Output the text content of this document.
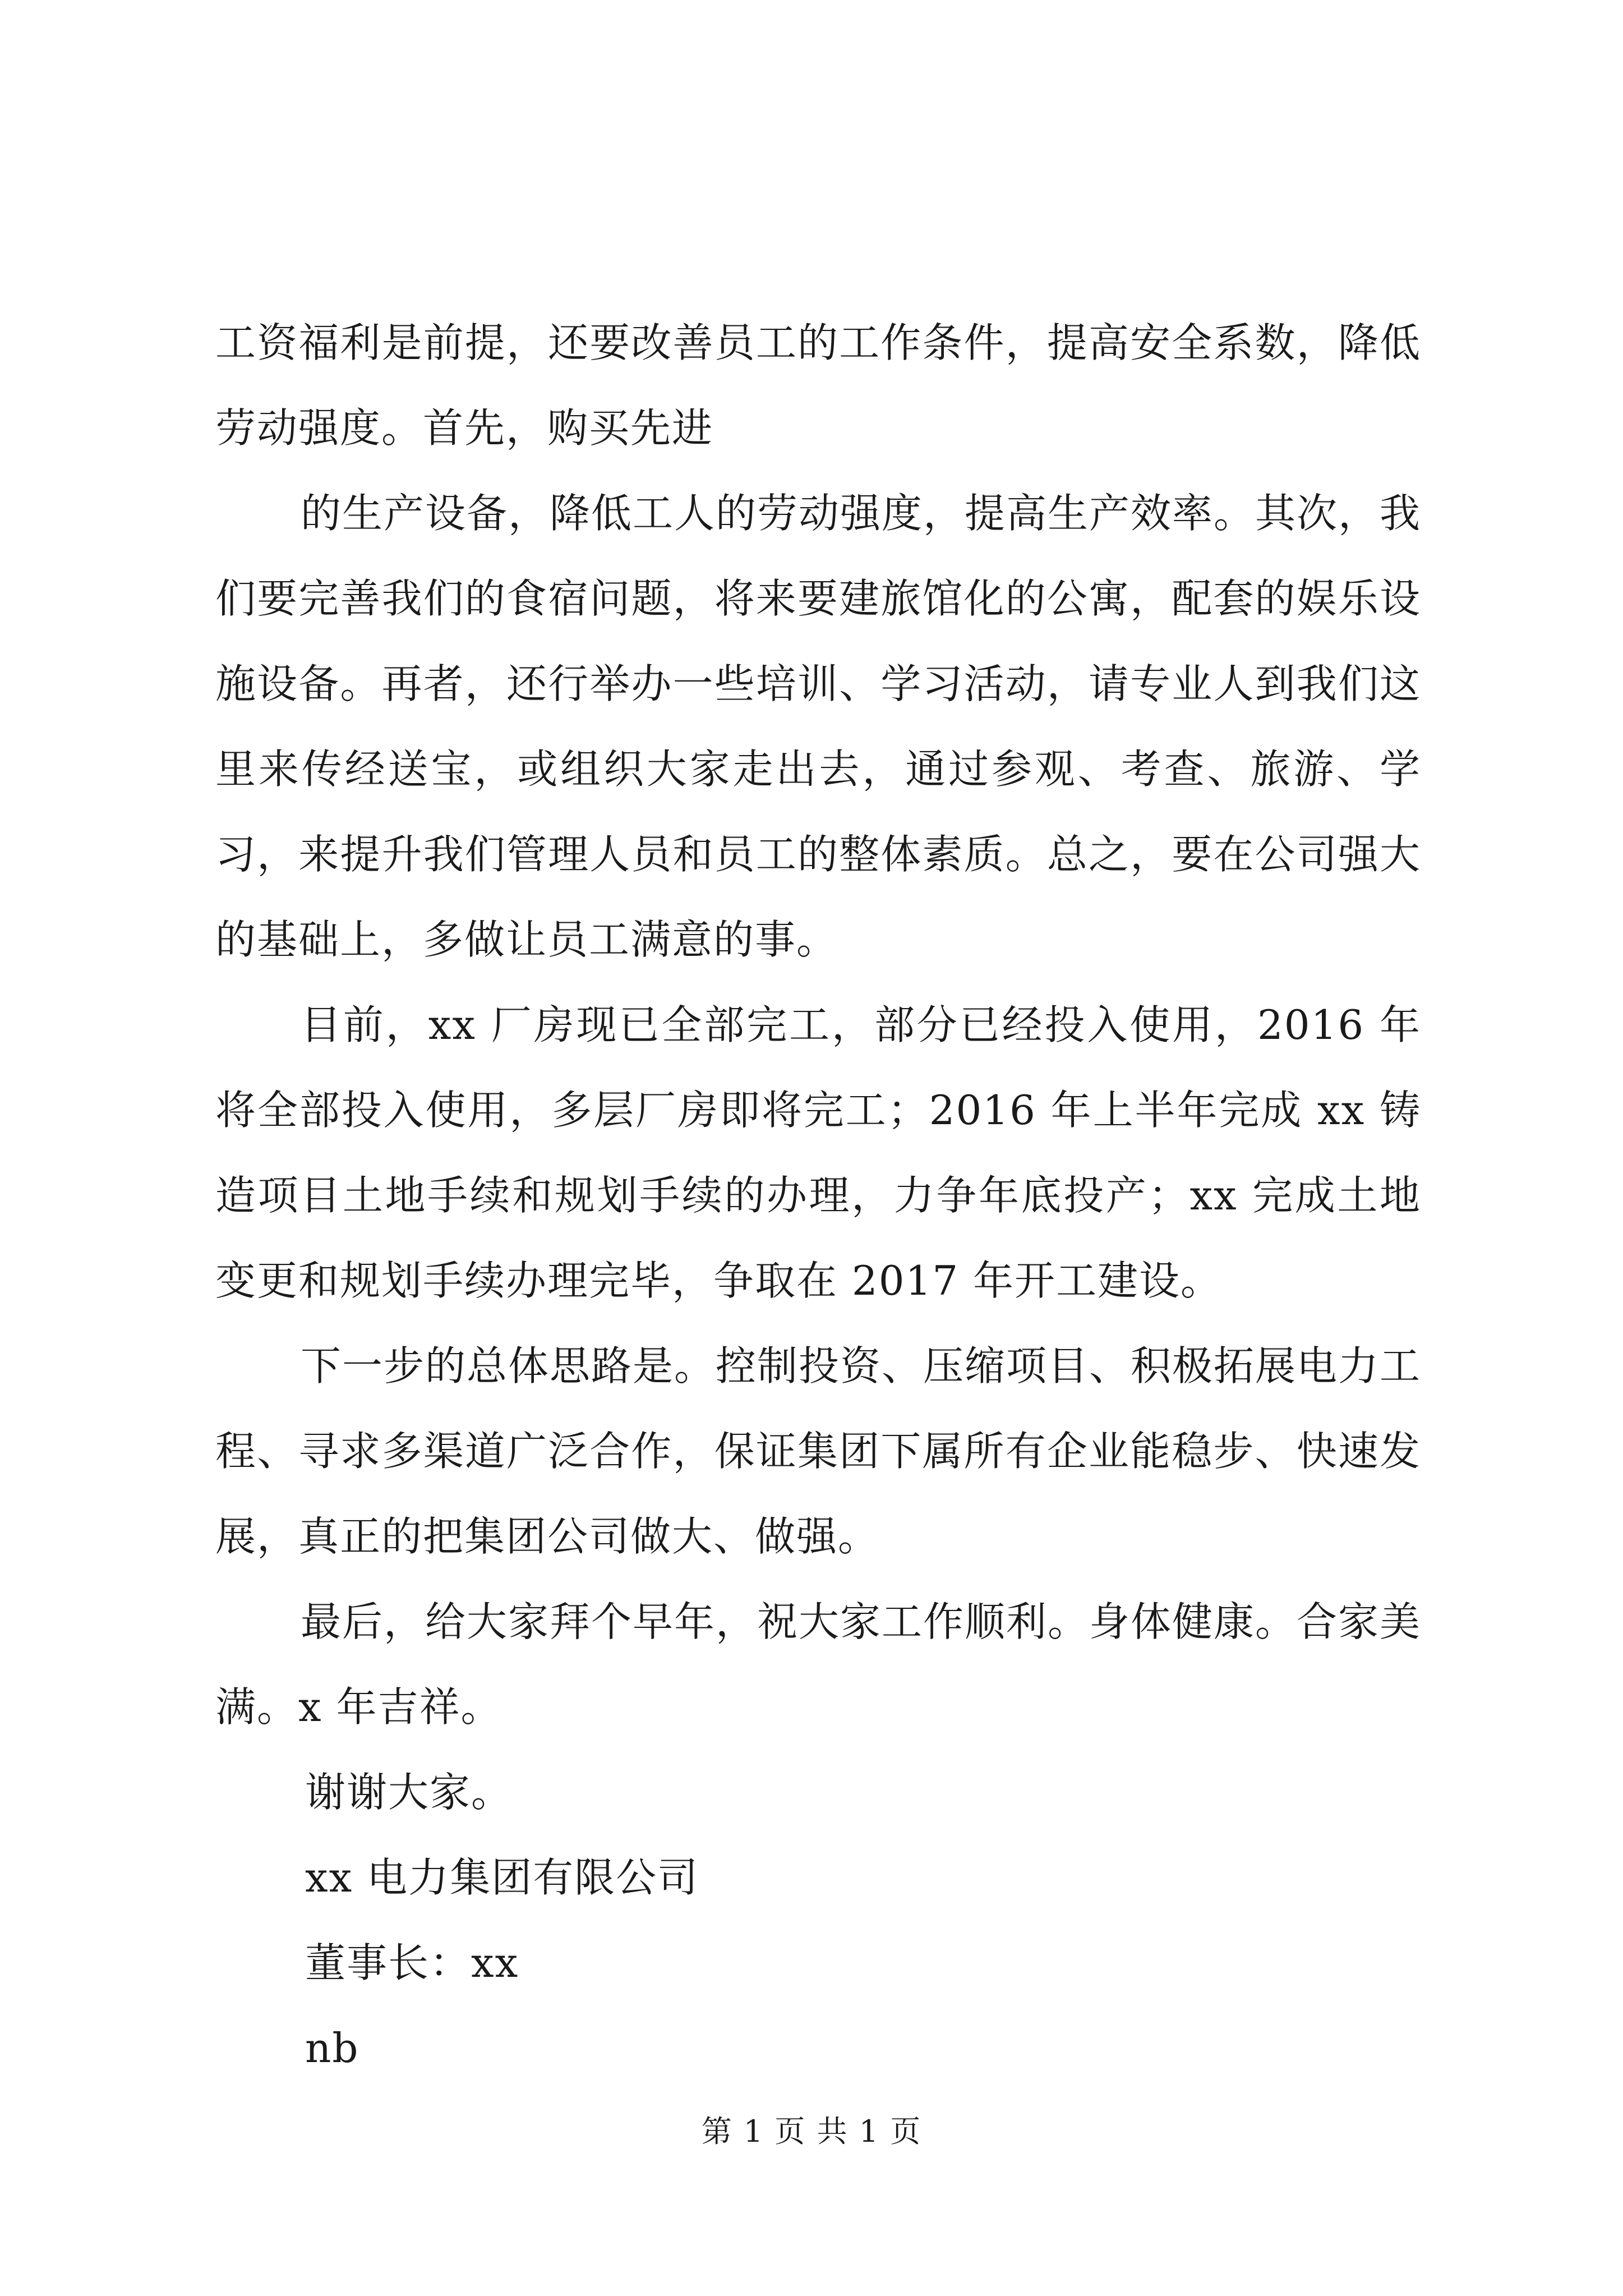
工资福利是前提，还要改善员工的工作条件，提高安全系数，降低劳动强度。首先，购买先进

的生产设备，降低工人的劳动强度，提高生产效率。其次，我们要完善我们的食宿问题，将来要建旅馆化的公寓，配套的娱乐设施设备。再者，还行举办一些培训、学习活动，请专业人到我们这里来传经送宝，或组织大家走出去，通过参观、考查、旅游、学习，来提升我们管理人员和员工的整体素质。总之，要在公司强大的基础上，多做让员工满意的事。

目前，xx 厂房现已全部完工，部分已经投入使用，2016 年将全部投入使用，多层厂房即将完工；2016 年上半年完成 xx 铸造项目土地手续和规划手续的办理，力争年底投产；xx 完成土地变更和规划手续办理完毕，争取在 2017 年开工建设。

下一步的总体思路是。控制投资、压缩项目、积极拓展电力工程、寻求多渠道广泛合作，保证集团下属所有企业能稳步、快速发展，真正的把集团公司做大、做强。

最后，给大家拜个早年，祝大家工作顺利。身体健康。合家美满。x 年吉祥。

谢谢大家。

xx 电力集团有限公司

董事长：xx

nb

第 1 页 共 1 页
